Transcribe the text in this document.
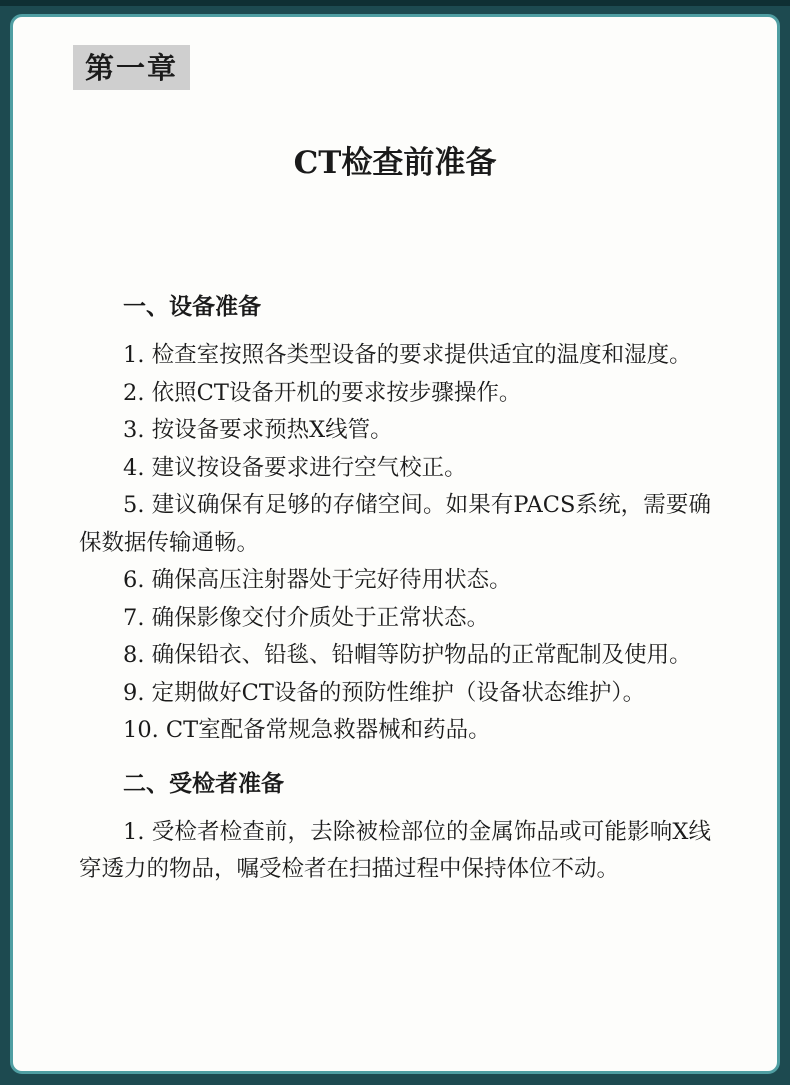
第一章
CT检查前准备
一、设备准备

1. 检查室按照各类型设备的要求提供适宜的温度和湿度。

2. 依照CT设备开机的要求按步骤操作。

3. 按设备要求预热X线管。

4. 建议按设备要求进行空气校正。

5. 建议确保有足够的存储空间。如果有PACS系统，需要确保数据传输通畅。

6. 确保高压注射器处于完好待用状态。

7. 确保影像交付介质处于正常状态。

8. 确保铅衣、铅毯、铅帽等防护物品的正常配制及使用。

9. 定期做好CT设备的预防性维护（设备状态维护）。

10. CT室配备常规急救器械和药品。

二、受检者准备

1. 受检者检查前，去除被检部位的金属饰品或可能影响X线穿透力的物品，嘱受检者在扫描过程中保持体位不动。
